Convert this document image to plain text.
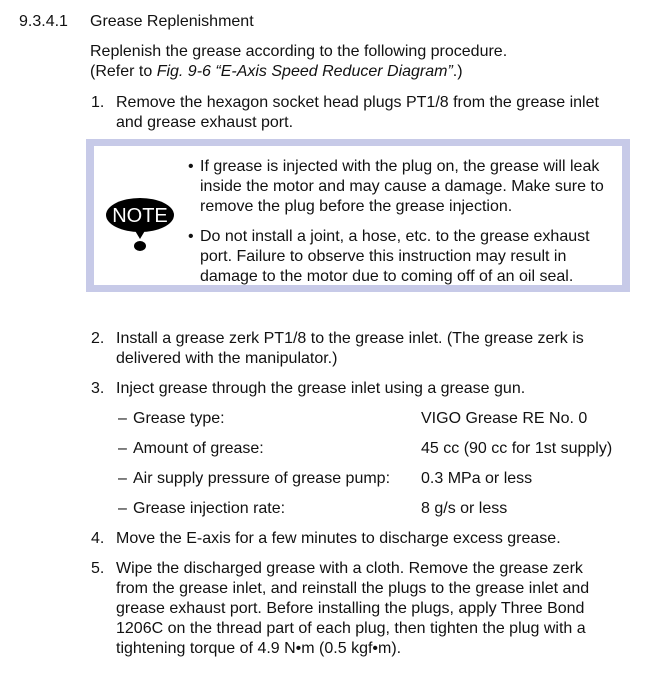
9.3.4.1 Grease Replenishment
Replenish the grease according to the following procedure.
(Refer to Fig. 9-6 “E-Axis Speed Reducer Diagram”.)
1. Remove the hexagon socket head plugs PT1/8 from the grease inlet
and grease exhaust port.
NOTE
• If grease is injected with the plug on, the grease will leak
inside the motor and may cause a damage. Make sure to
remove the plug before the grease injection.
• Do not install a joint, a hose, etc. to the grease exhaust
port. Failure to observe this instruction may result in
damage to the motor due to coming off of an oil seal.
2. Install a grease zerk PT1/8 to the grease inlet. (The grease zerk is
delivered with the manipulator.)
3. Inject grease through the grease inlet using a grease gun.
– Grease type:	VIGO Grease RE No. 0
– Amount of grease:	45 cc (90 cc for 1st supply)
– Air supply pressure of grease pump: 0.3 MPa or less
– Grease injection rate:	8 g/s or less
4. Move the E-axis for a few minutes to discharge excess grease.
5. Wipe the discharged grease with a cloth. Remove the grease zerk
from the grease inlet, and reinstall the plugs to the grease inlet and
grease exhaust port. Before installing the plugs, apply Three Bond
1206C on the thread part of each plug, then tighten the plug with a
tightening torque of 4.9 N•m (0.5 kgf•m).
